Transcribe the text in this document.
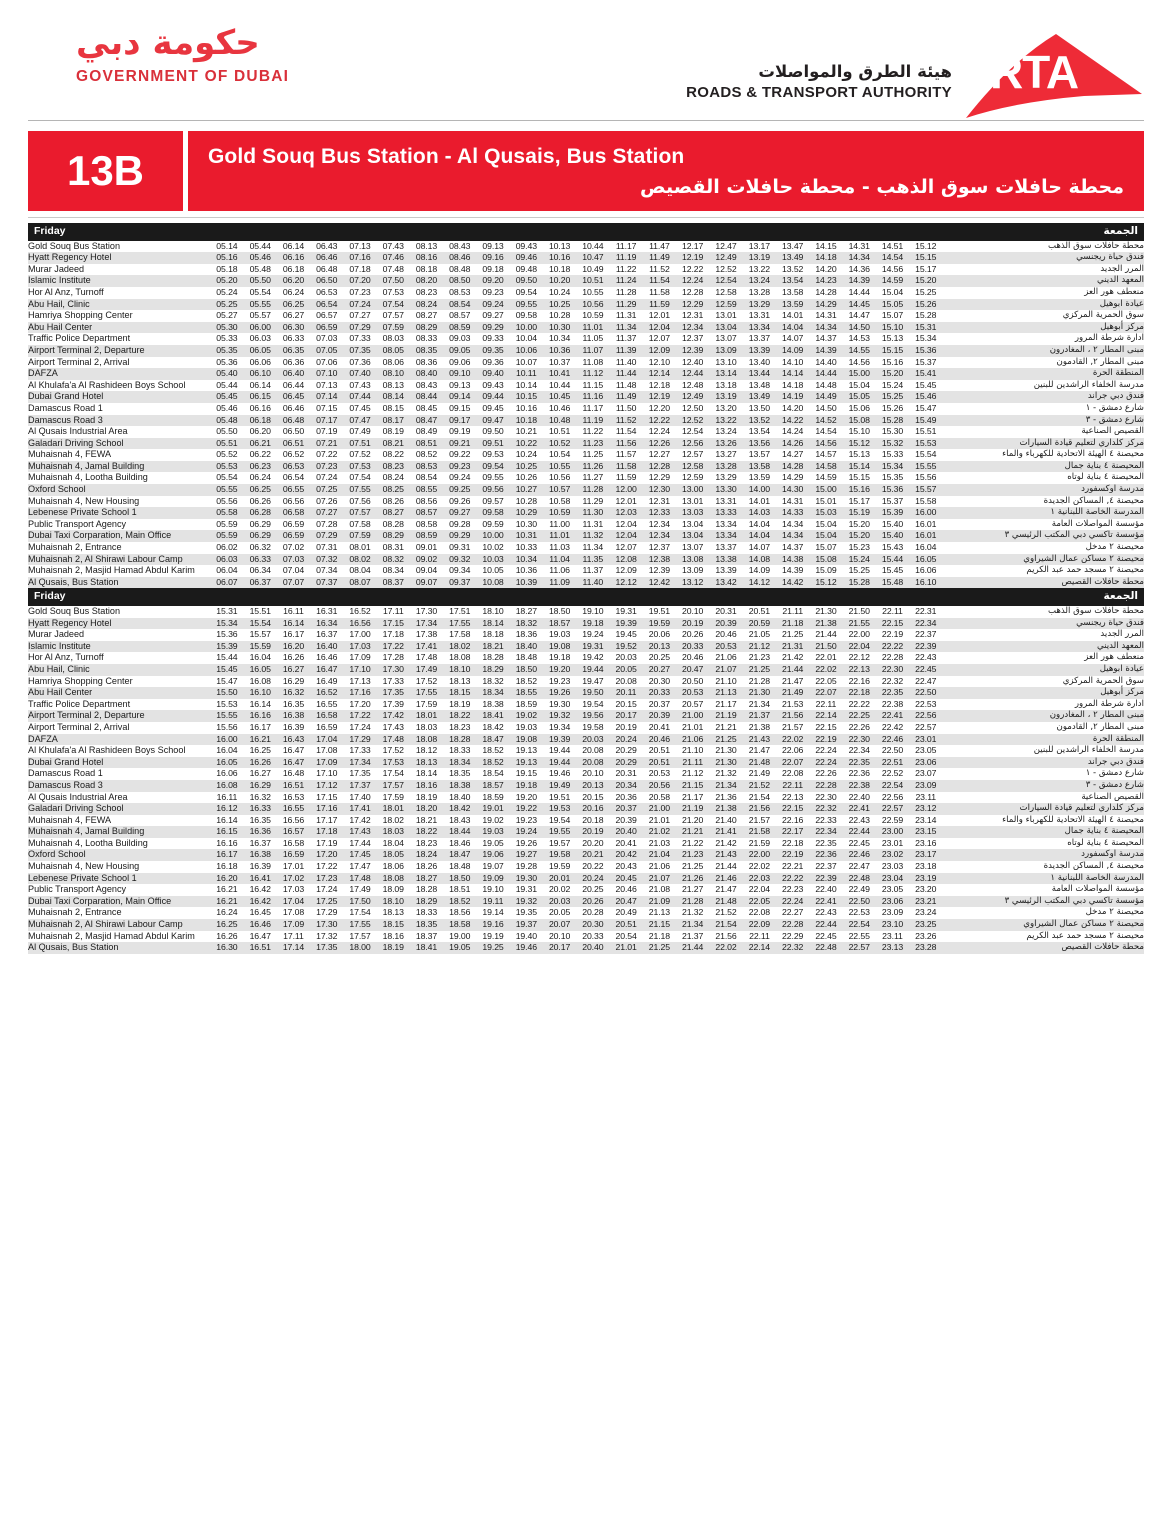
حكومة دبي
GOVERNMENT OF DUBAI	هيئة الطرق والمواصلات
ROADS & TRANSPORT AUTHORITY RTA
13B	Gold Souq Bus Station - Al Qusais, Bus Station
محطة حافلات سوق الذهب - محطة حافلات القصيص
Friday																	الجمعة						
Gold Souq Bus Station	05.14	05.44	06.14	06.43	07.13	07.43	08.13	08.43	09.13	09.43	10.13	10.44	11.17	11.47	12.17	12.47	13.17	13.47	14.15	14.31	14.51	15.12	محطة حافلات سوق الذهب
Hyatt Regency Hotel	05.16	05.46	06.16	06.46	07.16	07.46	08.16	08.46	09.16	09.46	10.16	10.47	11.19	11.49	12.19	12.49	13.19	13.49	14.18	14.34	14.54	15.15	فندق حياة ريجنسي
Murar Jadeed	05.18	05.48	06.18	06.48	07.18	07.48	08.18	08.48	09.18	09.48	10.18	10.49	11.22	11.52	12.22	12.52	13.22	13.52	14.20	14.36	14.56	15.17	المرر الجديد
Islamic Institute	05.20	05.50	06.20	06.50	07.20	07.50	08.20	08.50	09.20	09.50	10.20	10.51	11.24	11.54	12.24	12.54	13.24	13.54	14.23	14.39	14.59	15.20	المعهد الديني
Hor Al Anz, Turnoff	05.24	05.54	06.24	06.53	07.23	07.53	08.23	08.53	09.23	09.54	10.24	10.55	11.28	11.58	12.28	12.58	13.28	13.58	14.28	14.44	15.04	15.25	منعطف هور العز
Abu Hail, Clinic	05.25	05.55	06.25	06.54	07.24	07.54	08.24	08.54	09.24	09.55	10.25	10.56	11.29	11.59	12.29	12.59	13.29	13.59	14.29	14.45	15.05	15.26	عيادة ابوهيل
Hamriya Shopping Center	05.27	05.57	06.27	06.57	07.27	07.57	08.27	08.57	09.27	09.58	10.28	10.59	11.31	12.01	12.31	13.01	13.31	14.01	14.31	14.47	15.07	15.28	سوق الحمرية المركزي
Abu Hail Center	05.30	06.00	06.30	06.59	07.29	07.59	08.29	08.59	09.29	10.00	10.30	11.01	11.34	12.04	12.34	13.04	13.34	14.04	14.34	14.50	15.10	15.31	مركز أبوهيل
Traffic Police Department	05.33	06.03	06.33	07.03	07.33	08.03	08.33	09.03	09.33	10.04	10.34	11.05	11.37	12.07	12.37	13.07	13.37	14.07	14.37	14.53	15.13	15.34	ادارة شرطة المرور
Airport Terminal 2, Departure	05.35	06.05	06.35	07.05	07.35	08.05	08.35	09.05	09.35	10.06	10.36	11.07	11.39	12.09	12.39	13.09	13.39	14.09	14.39	14.55	15.15	15.36	مبنى المطار ٢ ، المغادرون
Airport Terminal 2, Arrival	05.36	06.06	06.36	07.06	07.36	08.06	08.36	09.06	09.36	10.07	10.37	11.08	11.40	12.10	12.40	13.10	13.40	14.10	14.40	14.56	15.16	15.37	مبنى المطار ٢, القادمون
DAFZA	05.40	06.10	06.40	07.10	07.40	08.10	08.40	09.10	09.40	10.11	10.41	11.12	11.44	12.14	12.44	13.14	13.44	14.14	14.44	15.00	15.20	15.41	المنطقة الحرة
Al Khulafa'a Al Rashideen Boys School	05.44	06.14	06.44	07.13	07.43	08.13	08.43	09.13	09.43	10.14	10.44	11.15	11.48	12.18	12.48	13.18	13.48	14.18	14.48	15.04	15.24	15.45	مدرسة الخلفاء الراشدين للبنين
Dubai Grand Hotel	05.45	06.15	06.45	07.14	07.44	08.14	08.44	09.14	09.44	10.15	10.45	11.16	11.49	12.19	12.49	13.19	13.49	14.19	14.49	15.05	15.25	15.46	فندق دبي جراند
Damascus Road 1	05.46	06.16	06.46	07.15	07.45	08.15	08.45	09.15	09.45	10.16	10.46	11.17	11.50	12.20	12.50	13.20	13.50	14.20	14.50	15.06	15.26	15.47	شارع دمشق - ١
Damascus Road 3	05.48	06.18	06.48	07.17	07.47	08.17	08.47	09.17	09.47	10.18	10.48	11.19	11.52	12.22	12.52	13.22	13.52	14.22	14.52	15.08	15.28	15.49	شارع دمشق - ٣
Al Qusais Industrial Area	05.50	06.20	06.50	07.19	07.49	08.19	08.49	09.19	09.50	10.21	10.51	11.22	11.54	12.24	12.54	13.24	13.54	14.24	14.54	15.10	15.30	15.51	القصيص الصناعية
Galadari Driving School	05.51	06.21	06.51	07.21	07.51	08.21	08.51	09.21	09.51	10.22	10.52	11.23	11.56	12.26	12.56	13.26	13.56	14.26	14.56	15.12	15.32	15.53	مركز كلداري لتعليم قيادة السيارات
Muhaisnah 4, FEWA	05.52	06.22	06.52	07.22	07.52	08.22	08.52	09.22	09.53	10.24	10.54	11.25	11.57	12.27	12.57	13.27	13.57	14.27	14.57	15.13	15.33	15.54	محيصنة ٤ الهيئة الاتحادية للكهرباء والماء
Muhaisnah 4, Jamal Building	05.53	06.23	06.53	07.23	07.53	08.23	08.53	09.23	09.54	10.25	10.55	11.26	11.58	12.28	12.58	13.28	13.58	14.28	14.58	15.14	15.34	15.55	المحيصنة ٤ بناية جمال
Muhaisnah 4, Lootha Building	05.54	06.24	06.54	07.24	07.54	08.24	08.54	09.24	09.55	10.26	10.56	11.27	11.59	12.29	12.59	13.29	13.59	14.29	14.59	15.15	15.35	15.56	المحيصنة ٤ بناية لوتاه
Oxford School	05.55	06.25	06.55	07.25	07.55	08.25	08.55	09.25	09.56	10.27	10.57	11.28	12.00	12.30	13.00	13.30	14.00	14.30	15.00	15.16	15.36	15.57	مدرسة اوكسفورد
Muhaisnah 4, New Housing	05.56	06.26	06.56	07.26	07.56	08.26	08.56	09.26	09.57	10.28	10.58	11.29	12.01	12.31	13.01	13.31	14.01	14.31	15.01	15.17	15.37	15.58	محيصنة ٤, المساكن الجديدة
Lebenese Private School 1	05.58	06.28	06.58	07.27	07.57	08.27	08.57	09.27	09.58	10.29	10.59	11.30	12.03	12.33	13.03	13.33	14.03	14.33	15.03	15.19	15.39	16.00	المدرسة الخاصة اللبنانية ١
Public Transport Agency	05.59	06.29	06.59	07.28	07.58	08.28	08.58	09.28	09.59	10.30	11.00	11.31	12.04	12.34	13.04	13.34	14.04	14.34	15.04	15.20	15.40	16.01	مؤسسة المواصلات العامة
Dubai Taxi Corparation, Main Office	05.59	06.29	06.59	07.29	07.59	08.29	08.59	09.29	10.00	10.31	11.01	11.32	12.04	12.34	13.04	13.34	14.04	14.34	15.04	15.20	15.40	16.01	مؤسسة تاكسي دبي المكتب الرئيسي ٣
Muhaisnah 2, Entrance	06.02	06.32	07.02	07.31	08.01	08.31	09.01	09.31	10.02	10.33	11.03	11.34	12.07	12.37	13.07	13.37	14.07	14.37	15.07	15.23	15.43	16.04	محيصنة ٢ مدخل
Muhaisnah 2, Al Shirawi Labour Camp	06.03	06.33	07.03	07.32	08.02	08.32	09.02	09.32	10.03	10.34	11.04	11.35	12.08	12.38	13.08	13.38	14.08	14.38	15.08	15.24	15.44	16.05	محيصنة ٢ مساكن عمال الشيراوي
Muhaisnah 2, Masjid Hamad Abdul Karim	06.04	06.34	07.04	07.34	08.04	08.34	09.04	09.34	10.05	10.36	11.06	11.37	12.09	12.39	13.09	13.39	14.09	14.39	15.09	15.25	15.45	16.06	محيصنة ٢ مسجد حمد عبد الكريم
Al Qusais, Bus Station	06.07	06.37	07.07	07.37	08.07	08.37	09.07	09.37	10.08	10.39	11.09	11.40	12.12	12.42	13.12	13.42	14.12	14.42	15.12	15.28	15.48	16.10	محطة حافلات القصيص
Friday																	الجمعة						
Gold Souq Bus Station	15.31	15.51	16.11	16.31	16.52	17.11	17.30	17.51	18.10	18.27	18.50	19.10	19.31	19.51	20.10	20.31	20.51	21.11	21.30	21.50	22.11	22.31	محطة حافلات سوق الذهب
Hyatt Regency Hotel	15.34	15.54	16.14	16.34	16.56	17.15	17.34	17.55	18.14	18.32	18.57	19.18	19.39	19.59	20.19	20.39	20.59	21.18	21.38	21.55	22.15	22.34	فندق حياة ريجنسي
Murar Jadeed	15.36	15.57	16.17	16.37	17.00	17.18	17.38	17.58	18.18	18.36	19.03	19.24	19.45	20.06	20.26	20.46	21.05	21.25	21.44	22.00	22.19	22.37	المرر الجديد
Islamic Institute	15.39	15.59	16.20	16.40	17.03	17.22	17.41	18.02	18.21	18.40	19.08	19.31	19.52	20.13	20.33	20.53	21.12	21.31	21.50	22.04	22.22	22.39	المعهد الديني
Hor Al Anz, Turnoff	15.44	16.04	16.26	16.46	17.09	17.28	17.48	18.08	18.28	18.48	19.18	19.42	20.03	20.25	20.46	21.06	21.23	21.42	22.01	22.12	22.28	22.43	منعطف هور العز
Abu Hail, Clinic	15.45	16.05	16.27	16.47	17.10	17.30	17.49	18.10	18.29	18.50	19.20	19.44	20.05	20.27	20.47	21.07	21.25	21.44	22.02	22.13	22.30	22.45	عيادة ابوهيل
Hamriya Shopping Center	15.47	16.08	16.29	16.49	17.13	17.33	17.52	18.13	18.32	18.52	19.23	19.47	20.08	20.30	20.50	21.10	21.28	21.47	22.05	22.16	22.32	22.47	سوق الحمرية المركزي
Abu Hail Center	15.50	16.10	16.32	16.52	17.16	17.35	17.55	18.15	18.34	18.55	19.26	19.50	20.11	20.33	20.53	21.13	21.30	21.49	22.07	22.18	22.35	22.50	مركز أبوهيل
Traffic Police Department	15.53	16.14	16.35	16.55	17.20	17.39	17.59	18.19	18.38	18.59	19.30	19.54	20.15	20.37	20.57	21.17	21.34	21.53	22.11	22.22	22.38	22.53	ادارة شرطة المرور
Airport Terminal 2, Departure	15.55	16.16	16.38	16.58	17.22	17.42	18.01	18.22	18.41	19.02	19.32	19.56	20.17	20.39	21.00	21.19	21.37	21.56	22.14	22.25	22.41	22.56	مبنى المطار ٢ ، المغادرون
Airport Terminal 2, Arrival	15.56	16.17	16.39	16.59	17.24	17.43	18.03	18.23	18.42	19.03	19.34	19.58	20.19	20.41	21.01	21.21	21.38	21.57	22.15	22.26	22.42	22.57	مبنى المطار ٢, القادمون
DAFZA	16.00	16.21	16.43	17.04	17.29	17.48	18.08	18.28	18.47	19.08	19.39	20.03	20.24	20.46	21.06	21.25	21.43	22.02	22.19	22.30	22.46	23.01	المنطقة الحرة
Al Khulafa'a Al Rashideen Boys School	16.04	16.25	16.47	17.08	17.33	17.52	18.12	18.33	18.52	19.13	19.44	20.08	20.29	20.51	21.10	21.30	21.47	22.06	22.24	22.34	22.50	23.05	مدرسة الخلفاء الراشدين للبنين
Dubai Grand Hotel	16.05	16.26	16.47	17.09	17.34	17.53	18.13	18.34	18.52	19.13	19.44	20.08	20.29	20.51	21.11	21.30	21.48	22.07	22.24	22.35	22.51	23.06	فندق دبي جراند
Damascus Road 1	16.06	16.27	16.48	17.10	17.35	17.54	18.14	18.35	18.54	19.15	19.46	20.10	20.31	20.53	21.12	21.32	21.49	22.08	22.26	22.36	22.52	23.07	شارع دمشق - ١
Damascus Road 3	16.08	16.29	16.51	17.12	17.37	17.57	18.16	18.38	18.57	19.18	19.49	20.13	20.34	20.56	21.15	21.34	21.52	22.11	22.28	22.38	22.54	23.09	شارع دمشق - ٣
Al Qusais Industrial Area	16.11	16.32	16.53	17.15	17.40	17.59	18.19	18.40	18.59	19.20	19.51	20.15	20.36	20.58	21.17	21.36	21.54	22.13	22.30	22.40	22.56	23.11	القصيص الصناعية
Galadari Driving School	16.12	16.33	16.55	17.16	17.41	18.01	18.20	18.42	19.01	19.22	19.53	20.16	20.37	21.00	21.19	21.38	21.56	22.15	22.32	22.41	22.57	23.12	مركز كلداري لتعليم قيادة السيارات
Muhaisnah 4, FEWA	16.14	16.35	16.56	17.17	17.42	18.02	18.21	18.43	19.02	19.23	19.54	20.18	20.39	21.01	21.20	21.40	21.57	22.16	22.33	22.43	22.59	23.14	محيصنة ٤ الهيئة الاتحادية للكهرباء والماء
Muhaisnah 4, Jamal Building	16.15	16.36	16.57	17.18	17.43	18.03	18.22	18.44	19.03	19.24	19.55	20.19	20.40	21.02	21.21	21.41	21.58	22.17	22.34	22.44	23.00	23.15	المحيصنة ٤ بناية جمال
Muhaisnah 4, Lootha Building	16.16	16.37	16.58	17.19	17.44	18.04	18.23	18.46	19.05	19.26	19.57	20.20	20.41	21.03	21.22	21.42	21.59	22.18	22.35	22.45	23.01	23.16	المحيصنة ٤ بناية لوتاه
Oxford School	16.17	16.38	16.59	17.20	17.45	18.05	18.24	18.47	19.06	19.27	19.58	20.21	20.42	21.04	21.23	21.43	22.00	22.19	22.36	22.46	23.02	23.17	مدرسة اوكسفورد
Muhaisnah 4, New Housing	16.18	16.39	17.01	17.22	17.47	18.06	18.26	18.48	19.07	19.28	19.59	20.22	20.43	21.06	21.25	21.44	22.02	22.21	22.37	22.47	23.03	23.18	محيصنة ٤, المساكن الجديدة
Lebenese Private School 1	16.20	16.41	17.02	17.23	17.48	18.08	18.27	18.50	19.09	19.30	20.01	20.24	20.45	21.07	21.26	21.46	22.03	22.22	22.39	22.48	23.04	23.19	المدرسة الخاصة اللبنانية ١
Public Transport Agency	16.21	16.42	17.03	17.24	17.49	18.09	18.28	18.51	19.10	19.31	20.02	20.25	20.46	21.08	21.27	21.47	22.04	22.23	22.40	22.49	23.05	23.20	مؤسسة المواصلات العامة
Dubai Taxi Corparation, Main Office	16.21	16.42	17.04	17.25	17.50	18.10	18.29	18.52	19.11	19.32	20.03	20.26	20.47	21.09	21.28	21.48	22.05	22.24	22.41	22.50	23.06	23.21	مؤسسة تاكسي دبي المكتب الرئيسي ٣
Muhaisnah 2, Entrance	16.24	16.45	17.08	17.29	17.54	18.13	18.33	18.56	19.14	19.35	20.05	20.28	20.49	21.13	21.32	21.52	22.08	22.27	22.43	22.53	23.09	23.24	محيصنة ٢ مدخل
Muhaisnah 2, Al Shirawi Labour Camp	16.25	16.46	17.09	17.30	17.55	18.15	18.35	18.58	19.16	19.37	20.07	20.30	20.51	21.15	21.34	21.54	22.09	22.28	22.44	22.54	23.10	23.25	محيصنة ٢ مساكن عمال الشيراوي
Muhaisnah 2, Masjid Hamad Abdul Karim	16.26	16.47	17.11	17.32	17.57	18.16	18.37	19.00	19.19	19.40	20.10	20.33	20.54	21.18	21.37	21.56	22.11	22.29	22.45	22.55	23.11	23.26	محيصنة ٢ مسجد حمد عبد الكريم
Al Qusais, Bus Station	16.30	16.51	17.14	17.35	18.00	18.19	18.41	19.05	19.25	19.46	20.17	20.40	21.01	21.25	21.44	22.02	22.14	22.32	22.48	22.57	23.13	23.28	محطة حافلات القصيص
